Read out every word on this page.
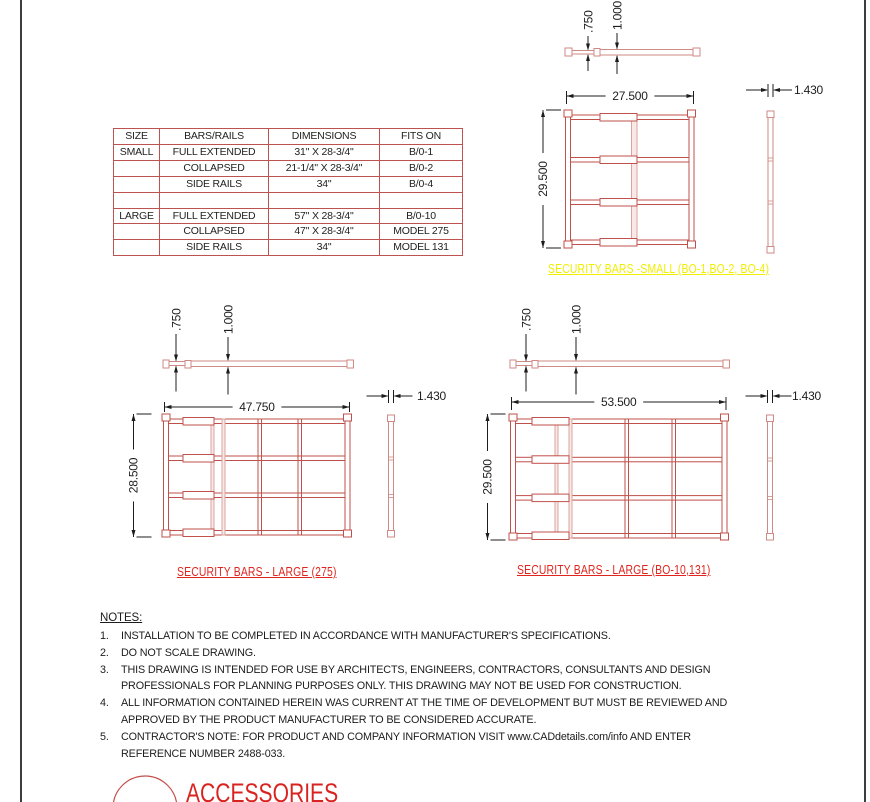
SIZE	BARS/RAILS	DIMENSIONS	FITS ON
SMALL	FULL EXTENDED	31" X 28-3/4"	B/0-1
	COLLAPSED	21-1/4" X 28-3/4"	B/0-2
	SIDE RAILS	34"	B/0-4

LARGE	FULL EXTENDED	57" X 28-3/4"	B/0-10
	COLLAPSED	47" X 28-3/4"	MODEL 275
	SIDE RAILS	34"	MODEL 131
.750 1.000
27.500
29.500
1.430
.750	1.000
47.750
28.500
1.430
.750	1.000
53.500
29.500
1.430
SECURITY BARS -SMALL (BO-1,BO-2, BO-4)
SECURITY BARS - LARGE (275)	SECURITY BARS - LARGE (BO-10,131)
NOTES:
1.	INSTALLATION TO BE COMPLETED IN ACCORDANCE WITH MANUFACTURER'S SPECIFICATIONS.
2.	DO NOT SCALE DRAWING.
3.	THIS DRAWING IS INTENDED FOR USE BY ARCHITECTS, ENGINEERS, CONTRACTORS, CONSULTANTS AND DESIGN
PROFESSIONALS FOR PLANNING PURPOSES ONLY. THIS DRAWING MAY NOT BE USED FOR CONSTRUCTION.
4.	ALL INFORMATION CONTAINED HEREIN WAS CURRENT AT THE TIME OF DEVELOPMENT BUT MUST BE REVIEWED AND
APPROVED BY THE PRODUCT MANUFACTURER TO BE CONSIDERED ACCURATE.
5.	CONTRACTOR'S NOTE: FOR PRODUCT AND COMPANY INFORMATION VISIT www.CADdetails.com/info AND ENTER
REFERENCE NUMBER 2488-033.
ACCESSORIES
